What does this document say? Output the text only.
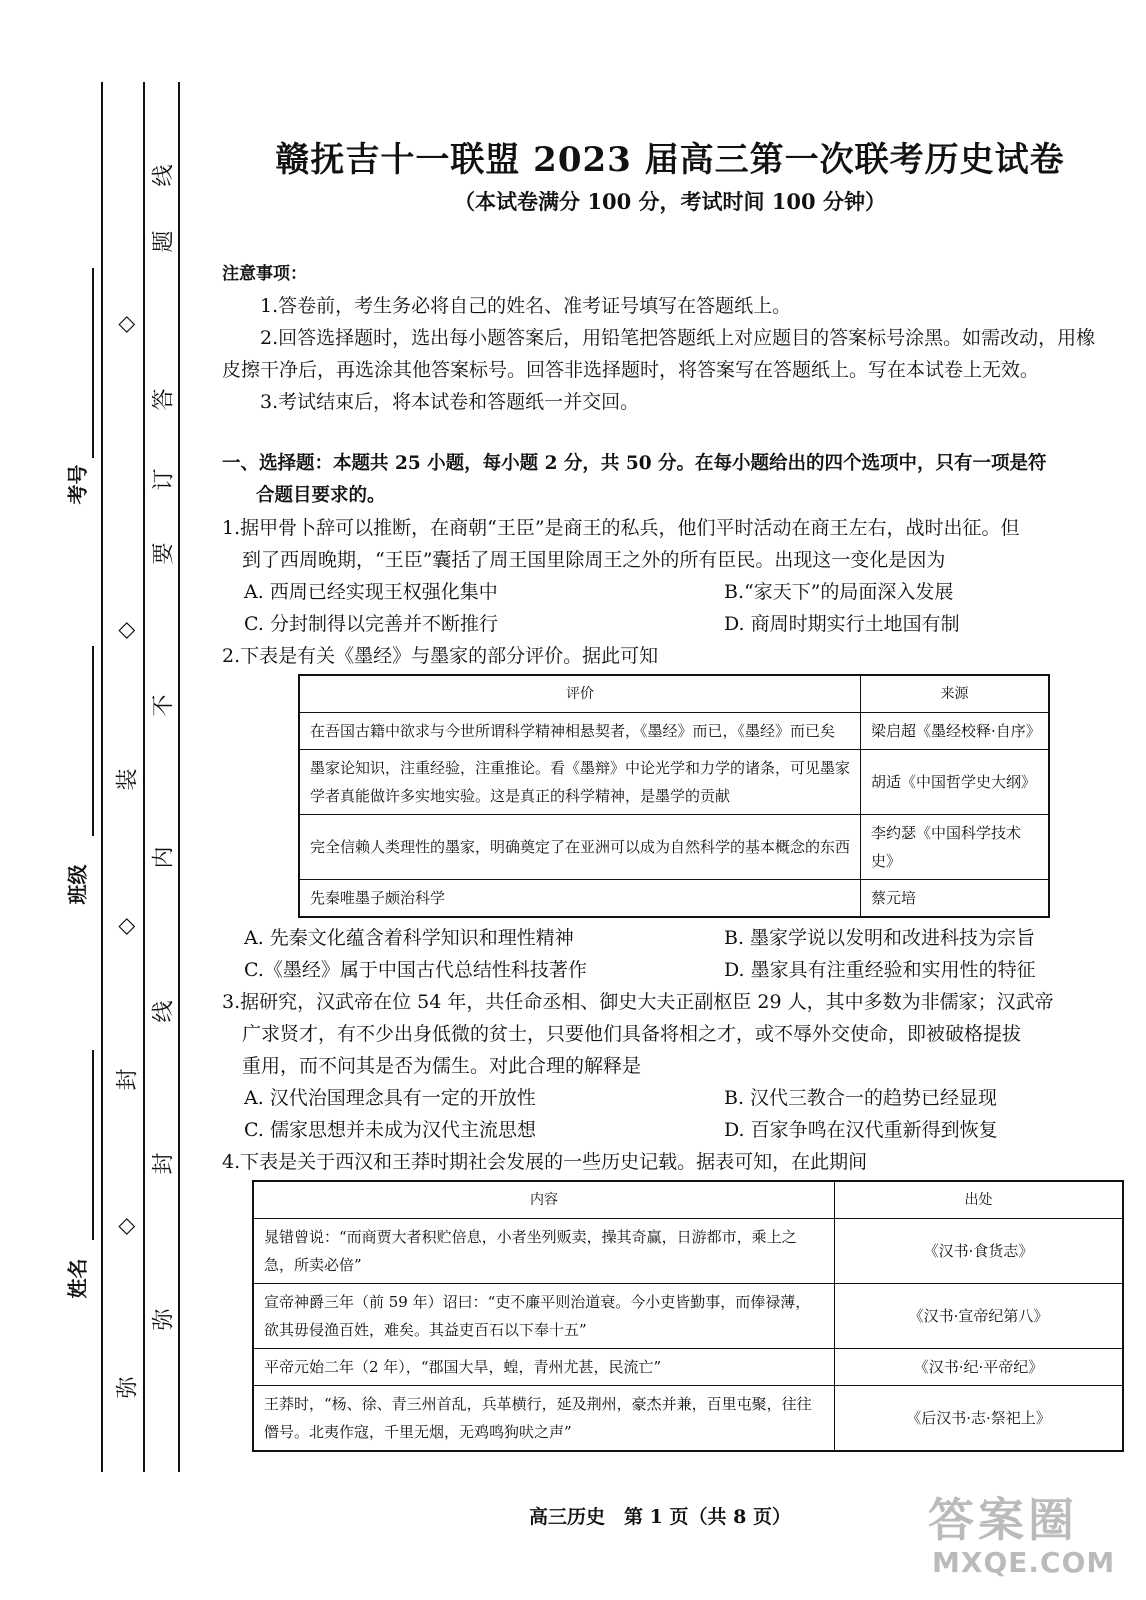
考号
班级
姓名
◇
◇
装
◇
封
◇
弥
线
题
答
订
要
不
内
线
封
弥
赣抚吉十一联盟 2023 届高三第一次联考历史试卷
（本试卷满分 100 分，考试时间 100 分钟）
注意事项：

1.答卷前，考生务必将自己的姓名、准考证号填写在答题纸上。

2.回答选择题时，选出每小题答案后，用铅笔把答题纸上对应题目的答案标号涂黑。如需改动，用橡皮擦干净后，再选涂其他答案标号。回答非选择题时，将答案写在答题纸上。写在本试卷上无效。

3.考试结束后，将本试卷和答题纸一并交回。

一、选择题：本题共 25 小题，每小题 2 分，共 50 分。在每小题给出的四个选项中，只有一项是符
合题目要求的。
1.据甲骨卜辞可以推断，在商朝“王臣”是商王的私兵，他们平时活动在商王左右，战时出征。但
到了西周晚期，“王臣”囊括了周王国里除周王之外的所有臣民。出现这一变化是因为
A. 西周已经实现王权强化集中	B.“家天下”的局面深入发展
C. 分封制得以完善并不断推行	D. 商周时期实行土地国有制
2.下表是有关《墨经》与墨家的部分评价。据此可知
评价	来源
在吾国古籍中欲求与今世所谓科学精神相悬契者，《墨经》而已，《墨经》而已矣	梁启超《墨经校释·自序》
墨家论知识，注重经验，注重推论。看《墨辩》中论光学和力学的诸条，可见墨家学者真能做许多实地实验。这是真正的科学精神，是墨学的贡献	胡适《中国哲学史大纲》
完全信赖人类理性的墨家，明确奠定了在亚洲可以成为自然科学的基本概念的东西	李约瑟《中国科学技术史》
先秦唯墨子颇治科学	蔡元培
A. 先秦文化蕴含着科学知识和理性精神	B. 墨家学说以发明和改进科技为宗旨
C.《墨经》属于中国古代总结性科技著作	D. 墨家具有注重经验和实用性的特征
3.据研究，汉武帝在位 54 年，共任命丞相、御史大夫正副枢臣 29 人，其中多数为非儒家；汉武帝
广求贤才，有不少出身低微的贫士，只要他们具备将相之才，或不辱外交使命，即被破格提拔
重用，而不问其是否为儒生。对此合理的解释是
A. 汉代治国理念具有一定的开放性	B. 汉代三教合一的趋势已经显现
C. 儒家思想并未成为汉代主流思想	D. 百家争鸣在汉代重新得到恢复
4.下表是关于西汉和王莽时期社会发展的一些历史记载。据表可知，在此期间
内容	出处
晁错曾说：“而商贾大者积贮倍息，小者坐列贩卖，操其奇赢，日游都市，乘上之急，所卖必倍”	《汉书·食货志》
宣帝神爵三年（前 59 年）诏曰：“吏不廉平则治道衰。今小吏皆勤事，而俸禄薄，欲其毋侵渔百姓，难矣。其益吏百石以下奉十五”	《汉书·宣帝纪第八》
平帝元始二年（2 年），“郡国大旱，蝗，青州尤甚，民流亡”	《汉书·纪·平帝纪》
王莽时，“杨、徐、青三州首乱，兵革横行，延及荆州，豪杰并兼，百里屯聚，往往僭号。北夷作寇，千里无烟，无鸡鸣狗吠之声”	《后汉书·志·祭祀上》
高三历史　第 1 页（共 8 页）	答案圈
MXQE.COM
